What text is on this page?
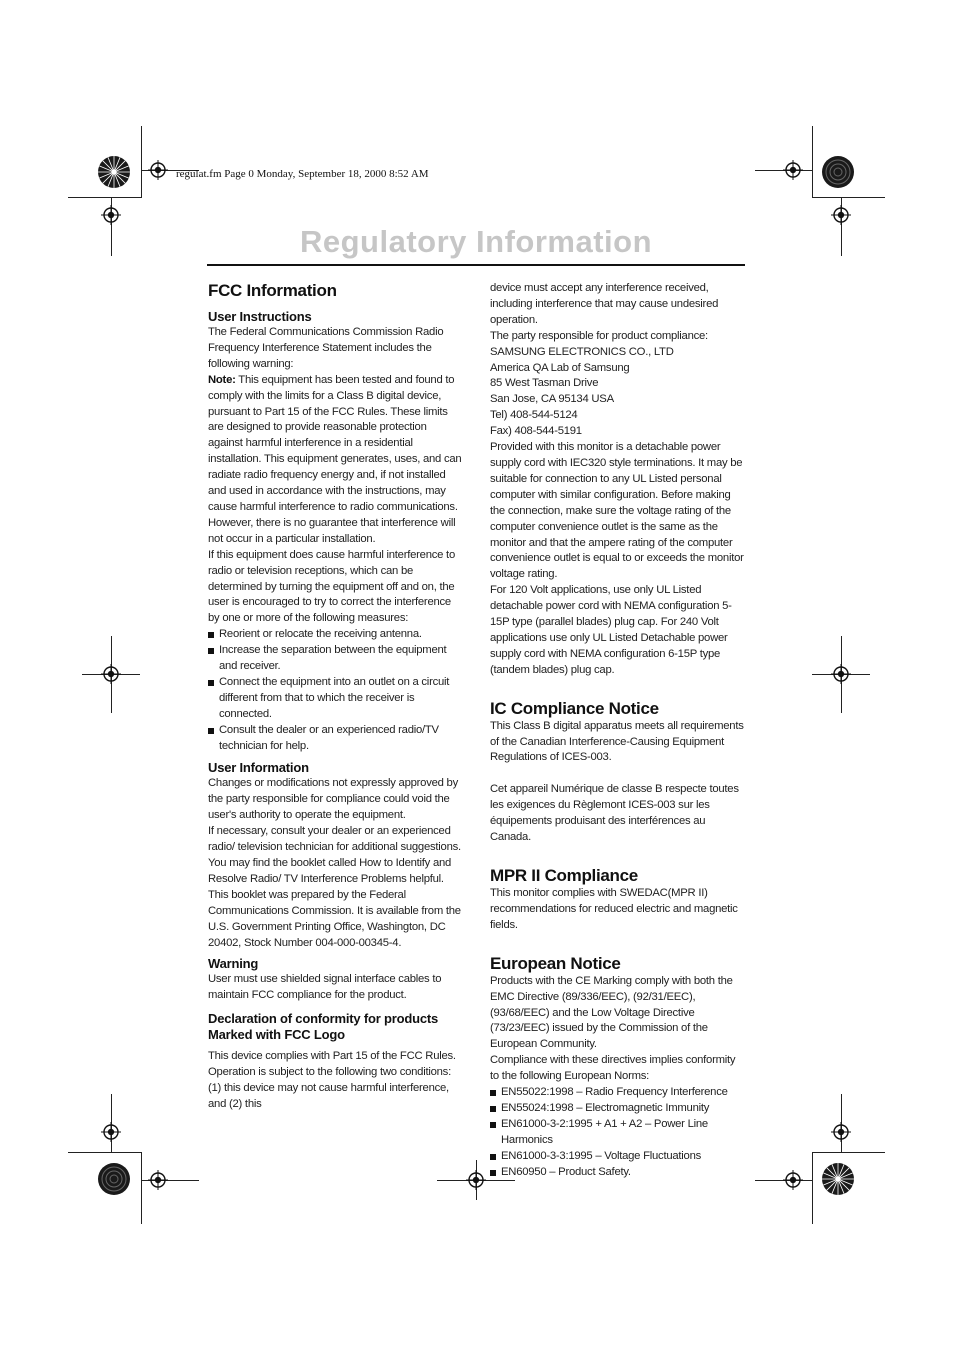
regulat.fm Page 0 Monday, September 18, 2000 8:52 AM
Regulatory Information
FCC Information
User Instructions

The Federal Communications Commission Radio Frequency Interference Statement includes the following warning:

Note: This equipment has been tested and found to comply with the limits for a Class B digital device, pursuant to Part 15 of the FCC Rules. These limits are designed to provide reasonable protection against harmful interference in a residential installation. This equipment generates, uses, and can radiate radio frequency energy and, if not installed and used in accordance with the instructions, may cause harmful interference to radio communications. However, there is no guarantee that interference will not occur in a particular installation.

If this equipment does cause harmful interference to radio or television receptions, which can be determined by turning the equipment off and on, the user is encouraged to try to correct the interference by one or more of the following measures:

Reorient or relocate the receiving antenna.
Increase the separation between the equipment and receiver.
Connect the equipment into an outlet on a circuit different from that to which the receiver is connected.
Consult the dealer or an experienced radio/TV technician for help.
User Information

Changes or modifications not expressly approved by the party responsible for compliance could void the user's authority to operate the equipment.

If necessary, consult your dealer or an experienced radio/ television technician for additional suggestions. You may find the booklet called How to Identify and Resolve Radio/ TV Interference Problems helpful. This booklet was prepared by the Federal Communications Commission. It is available from the U.S. Government Printing Office, Washington, DC 20402, Stock Number 004-000-00345-4.

Warning

User must use shielded signal interface cables to maintain FCC compliance for the product.

Declaration of conformity for products Marked with FCC Logo

This device complies with Part 15 of the FCC Rules. Operation is subject to the following two conditions: (1) this device may not cause harmful interference, and (2) this

device must accept any interference received, including interference that may cause undesired operation.

The party responsible for product compliance:

SAMSUNG ELECTRONICS CO., LTD

America QA Lab of Samsung

85 West Tasman Drive

San Jose, CA 95134 USA

Tel) 408-544-5124

Fax) 408-544-5191

Provided with this monitor is a detachable power supply cord with IEC320 style terminations. It may be suitable for connection to any UL Listed personal computer with similar configuration. Before making the connection, make sure the voltage rating of the computer convenience outlet is the same as the monitor and that the ampere rating of the computer convenience outlet is equal to or exceeds the monitor voltage rating.

For 120 Volt applications, use only UL Listed detachable power cord with NEMA configuration 5-15P type (parallel blades) plug cap. For 240 Volt applications use only UL Listed Detachable power supply cord with NEMA configuration 6-15P type (tandem blades) plug cap.

IC Compliance Notice

This Class B digital apparatus meets all requirements of the Canadian Interference-Causing Equipment Regulations of ICES-003.

Cet appareil Numérique de classe B respecte toutes les exigences du Règlemont ICES-003 sur les équipements produisant des interférences au Canada.

MPR II Compliance

This monitor complies with SWEDAC(MPR II) recommendations for reduced electric and magnetic fields.

European Notice

Products with the CE Marking comply with both the EMC Directive (89/336/EEC), (92/31/EEC), (93/68/EEC) and the Low Voltage Directive (73/23/EEC) issued by the Commission of the European Community.

Compliance with these directives implies conformity to the following European Norms:

EN55022:1998 – Radio Frequency Interference
EN55024:1998 – Electromagnetic Immunity
EN61000-3-2:1995 + A1 + A2 – Power Line Harmonics
EN61000-3-3:1995 – Voltage Fluctuations
EN60950 – Product Safety.
